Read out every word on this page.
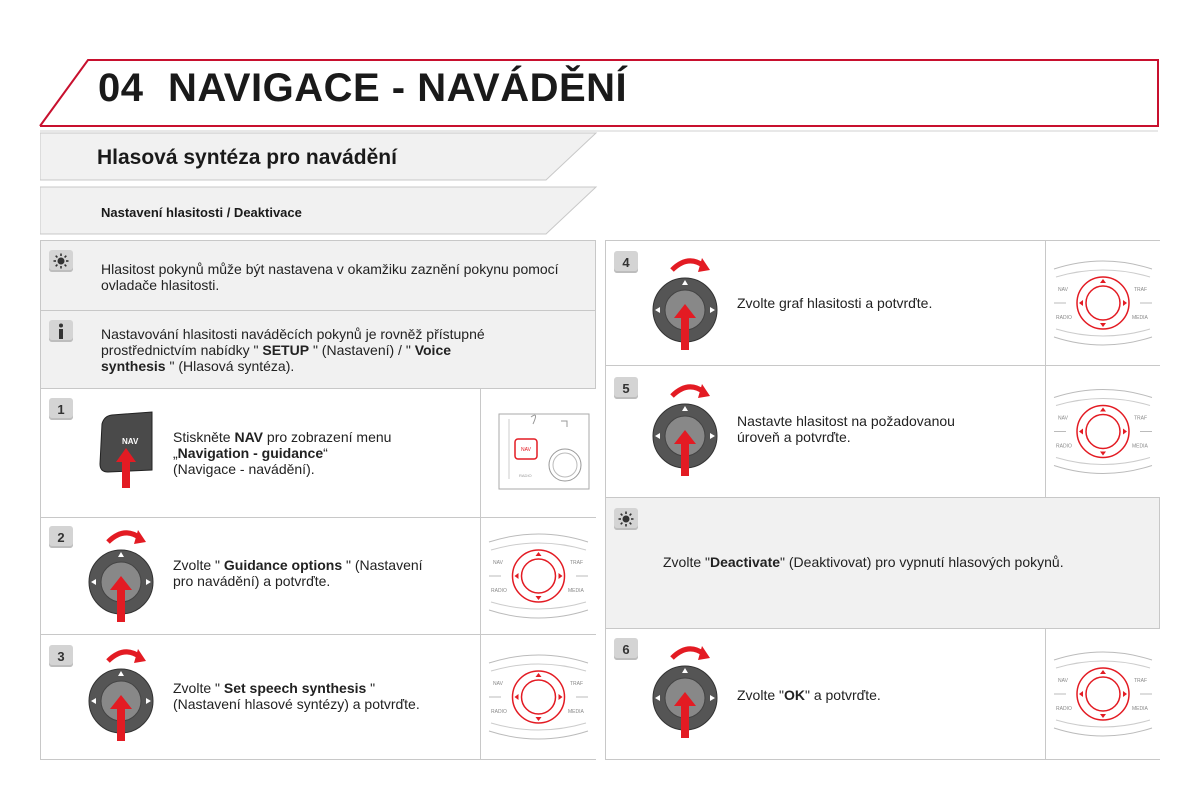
04 NAVIGACE - NAVÁDĚNÍ
Hlasová syntéza pro navádění
Nastavení hlasitosti / Deaktivace
Hlasitost pokynů může být nastavena v okamžiku zaznění pokynu pomocí ovladače hlasitosti.
Nastavování hlasitosti naváděcích pokynů je rovněž přístupné
prostřednictvím nabídky " SETUP " (Nastavení) / " Voice
synthesis " (Hlasová syntéza).
1
NAV Stiskněte NAV pro zobrazení menu
„Navigation - guidance“
(Navigace - navádění).
NAV
RADIO
2
Zvolte " Guidance options " (Nastavení
pro navádění) a potvrďte.
NAV	TRAF
RADIO	MEDIA
3
Zvolte " Set speech synthesis "
(Nastavení hlasové syntézy) a potvrďte.
NAV	TRAF
RADIO	MEDIA
4
Zvolte graf hlasitosti a potvrďte.
NAV	TRAF
RADIO	MEDIA
5
Nastavte hlasitost na požadovanou
úroveň a potvrďte.
NAV	TRAF
RADIO	MEDIA
Zvolte "Deactivate" (Deaktivovat) pro vypnutí hlasových pokynů.
6
Zvolte "OK" a potvrďte.
NAV	TRAF
RADIO	MEDIA
